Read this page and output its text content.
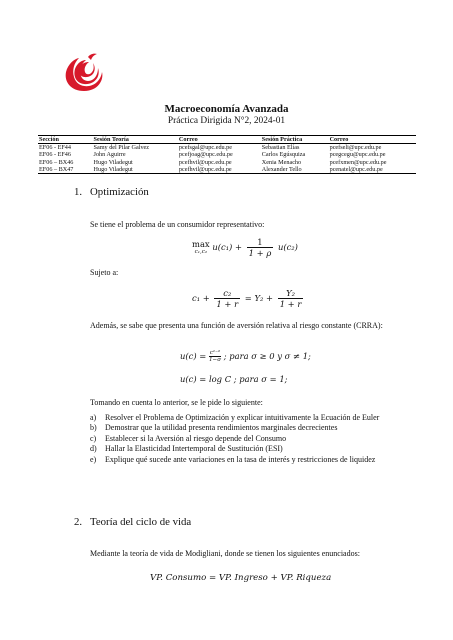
Macroeconomía Avanzada
Práctica Dirigida N°2, 2024-01
Sección	Sesión Teoría	Correo	Sesión Práctica	Correo
EF06 - EF44	Samy del Pilar Galvez	pcefsgal@upc.edu.pe	Sebastian Elías	pcefseli@upc.edu.pe
EF06 - EF46	John Aguirre	pcefjoag@upc.edu.pe	Carlos Egúsquiza	pcegcegu@upc.edu.pe
EF06 – BX46	Hugo Viladegut	pcefhvil@upc.edu.pe	Xenia Menacho	pcefxmen@upc.edu.pe
EF06 – BX47	Hugo Viladegut	pcefhvil@upc.edu.pe	Alexander Tello	pcenatel@upc.edu.pe
1. Optimización
Se tiene el problema de un consumidor representativo:
max
c₁,c₂ $u(c_1) + \frac{1}{1 + \rho} u(c_2)$
Sujeto a:
$c_1 + \frac{\text{c₂}}{1 + r} = Y_2 + \frac{\text{Y₂}}{1 + r}$
Además, se sabe que presenta una función de aversión relativa al riesgo constante (CRRA):
$u(c) = \frac{\text{c¹⁻ᵟ}}{1-\sigma}$ ; para σ ≥ 0 y σ ≠ 1;
u(c) = log C ; para σ = 1;
Tomando en cuenta lo anterior, se le pide lo siguiente:
a) Resolver el Problema de Optimización y explicar intuitivamente la Ecuación de Euler
b) Demostrar que la utilidad presenta rendimientos marginales decrecientes
c) Establecer si la Aversión al riesgo depende del Consumo
d) Hallar la Elasticidad Intertemporal de Sustitución (ESI)
e) Explique qué sucede ante variaciones en la tasa de interés y restricciones de liquidez
2. Teoría del ciclo de vida
Mediante la teoría de vida de Modigliani, donde se tienen los siguientes enunciados:
VP. Consumo = VP. Ingreso + VP. Riqueza
